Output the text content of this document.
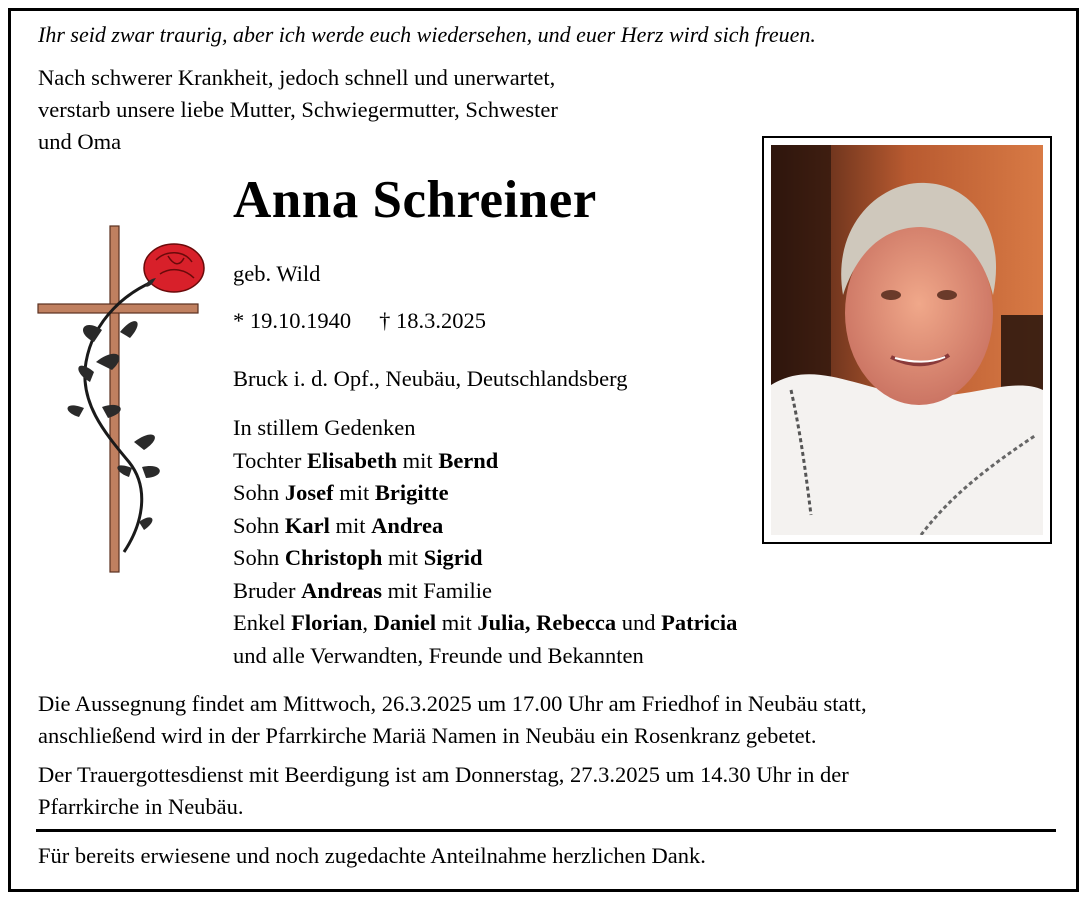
Ihr seid zwar traurig, aber ich werde euch wiedersehen, und euer Herz wird sich freuen.
Nach schwerer Krankheit, jedoch schnell und unerwartet,
verstarb unsere liebe Mutter, Schwiegermutter, Schwester
und Oma
Anna Schreiner
geb. Wild
* 19.10.1940 † 18.3.2025
Bruck i. d. Opf., Neubäu, Deutschlandsberg
In stillem Gedenken
Tochter Elisabeth mit Bernd
Sohn Josef mit Brigitte
Sohn Karl mit Andrea
Sohn Christoph mit Sigrid
Bruder Andreas mit Familie
Enkel Florian, Daniel mit Julia, Rebecca und Patricia
und alle Verwandten, Freunde und Bekannten
Die Aussegnung findet am Mittwoch, 26.3.2025 um 17.00 Uhr am Friedhof in Neubäu statt,
anschließend wird in der Pfarrkirche Mariä Namen in Neubäu ein Rosenkranz gebetet.
Der Trauergottesdienst mit Beerdigung ist am Donnerstag, 27.3.2025 um 14.30 Uhr in der
Pfarrkirche in Neubäu.
Für bereits erwiesene und noch zugedachte Anteilnahme herzlichen Dank.
